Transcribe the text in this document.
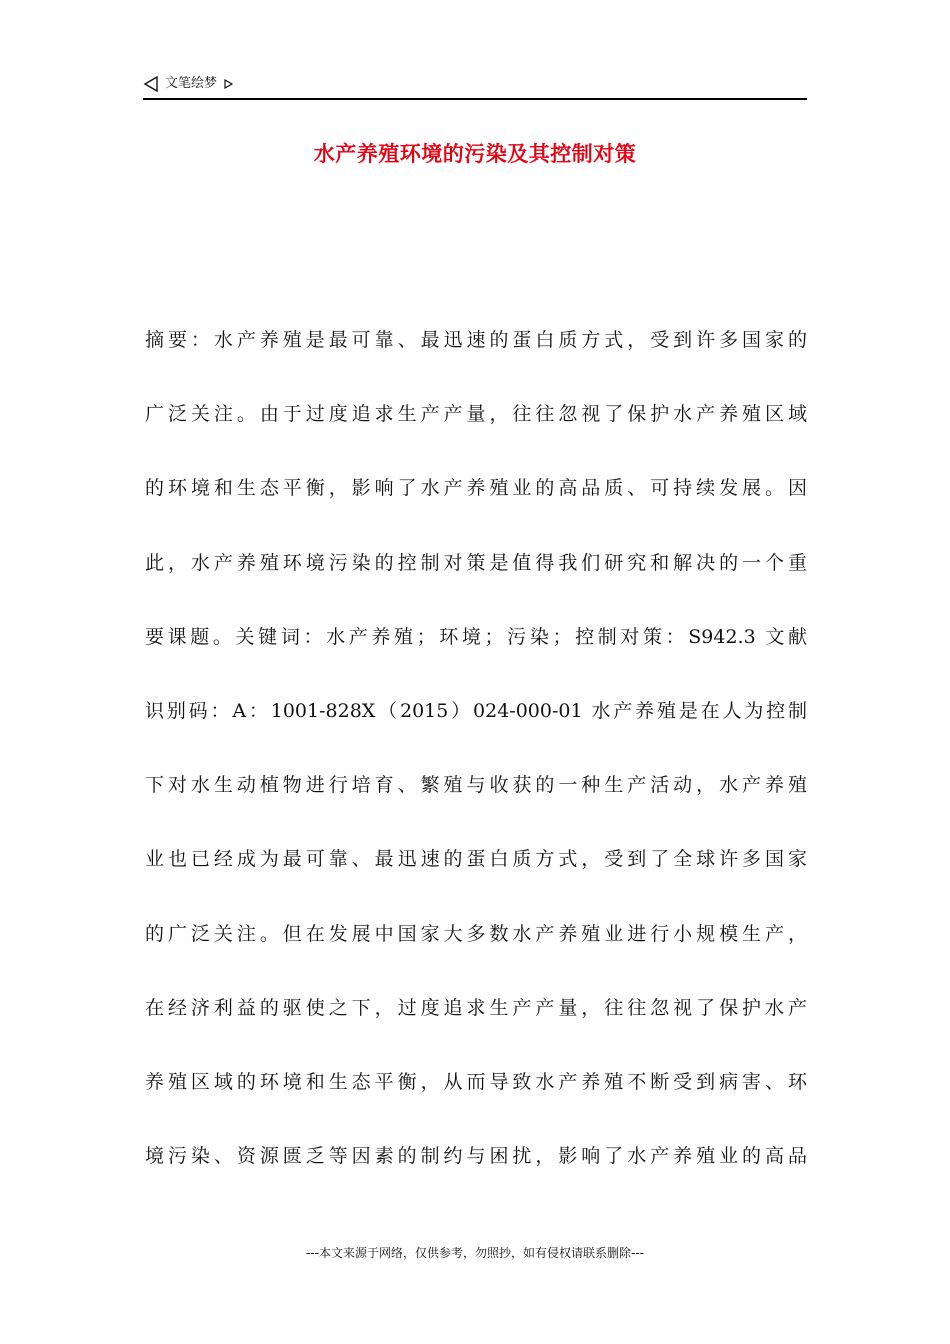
文笔绘梦
水产养殖环境的污染及其控制对策
摘要：水产养殖是最可靠、最迅速的蛋白质方式，受到许多国家的
广泛关注。由于过度追求生产产量，往往忽视了保护水产养殖区域
的环境和生态平衡，影响了水产养殖业的高品质、可持续发展。因
此，水产养殖环境污染的控制对策是值得我们研究和解决的一个重
要课题。关键词：水产养殖；环境；污染；控制对策：S942.3 文献
识别码：A：1001-828X（2015）024-000-01 水产养殖是在人为控制
下对水生动植物进行培育、繁殖与收获的一种生产活动，水产养殖
业也已经成为最可靠、最迅速的蛋白质方式，受到了全球许多国家
的广泛关注。但在发展中国家大多数水产养殖业进行小规模生产，
在经济利益的驱使之下，过度追求生产产量，往往忽视了保护水产
养殖区域的环境和生态平衡，从而导致水产养殖不断受到病害、环
境污染、资源匮乏等因素的制约与困扰，影响了水产养殖业的高品
---本文来源于网络，仅供参考，勿照抄，如有侵权请联系删除---
